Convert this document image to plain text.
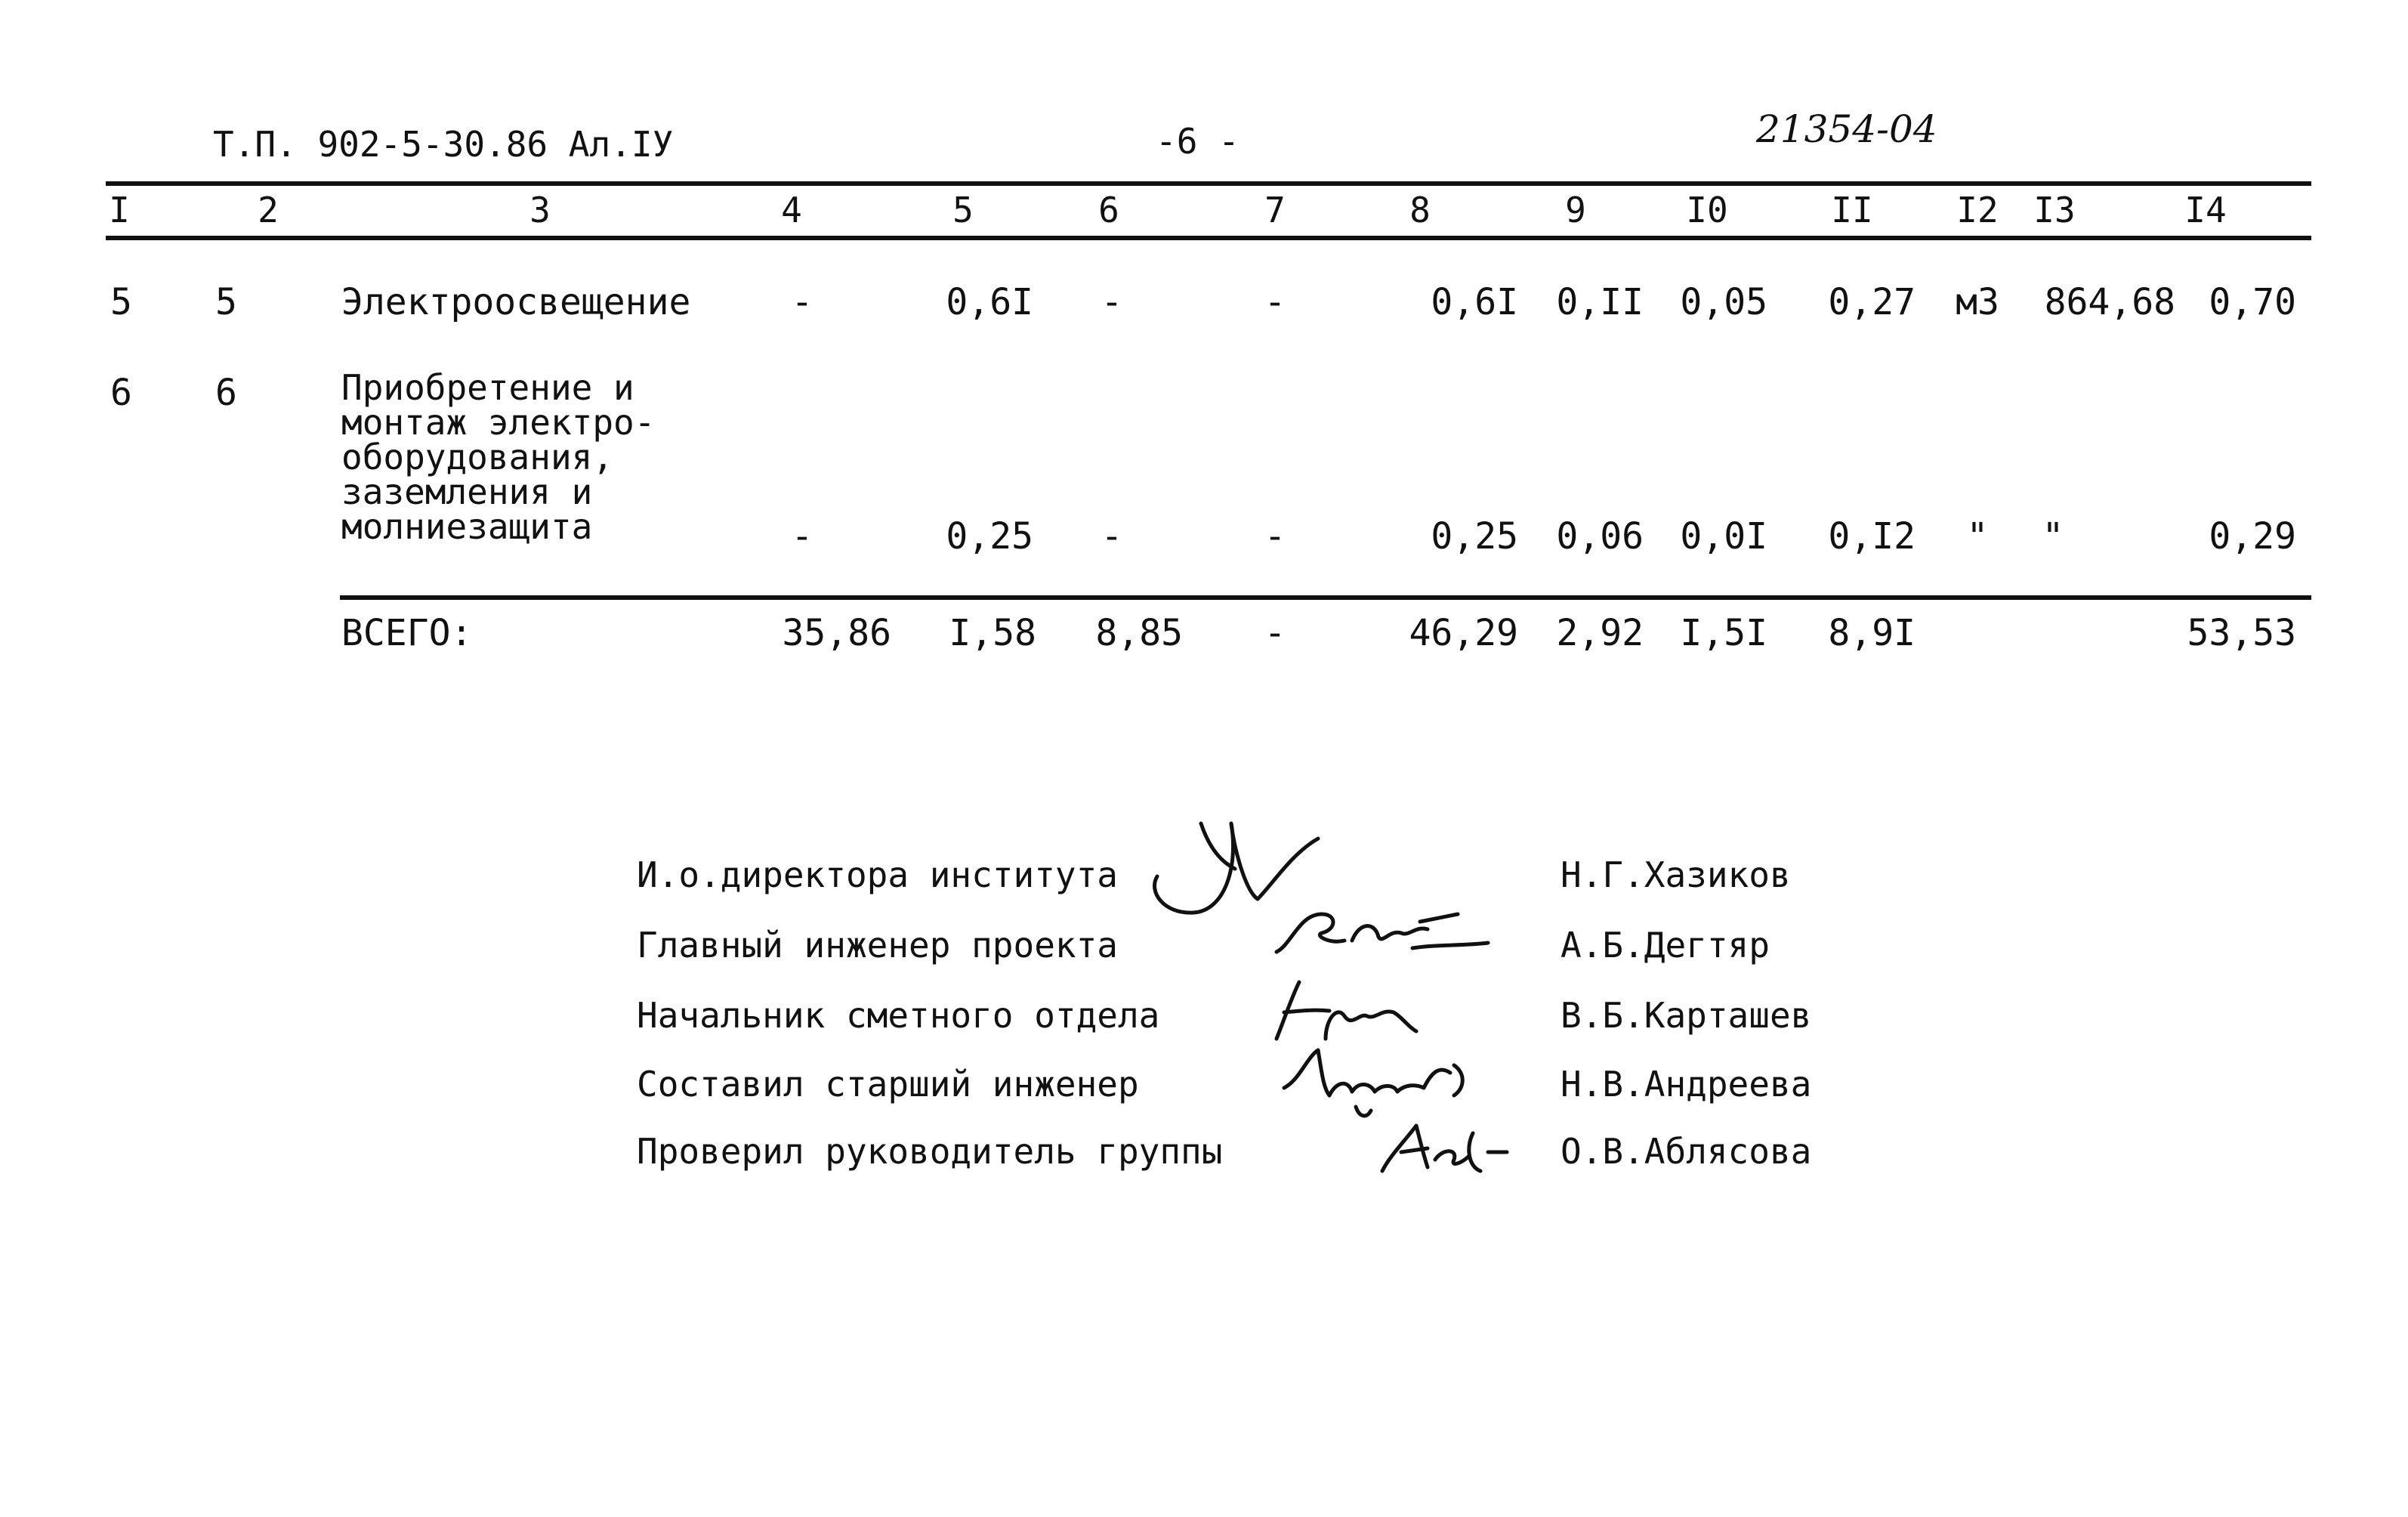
Т.П. 902-5-30.86 Ал.IУ	-6 -	21354-04
I	2	3	4	5	6	7	8	9	I0	II I2 I3	I4
5 5	Электроосвещение	-	0,6I -	-	0,6I 0,II 0,05 0,27 м3 864,68 0,70
6 6	Приобретение и
монтаж электро-
оборудования,
заземления и
молниезащита	-	0,25 -	-	0,25 0,06 0,0I 0,I2 " "	0,29
ВСЕГО:	35,86 I,58 8,85 -	46,29 2,92 I,5I 8,9I	53,53
И.о.директора института	Н.Г.Хазиков
Главный инженер проекта	А.Б.Дегтяр
Начальник сметного отдела	В.Б.Карташев
Составил старший инженер	Н.В.Андреева
Проверил руководитель группы	О.В.Аблясова
